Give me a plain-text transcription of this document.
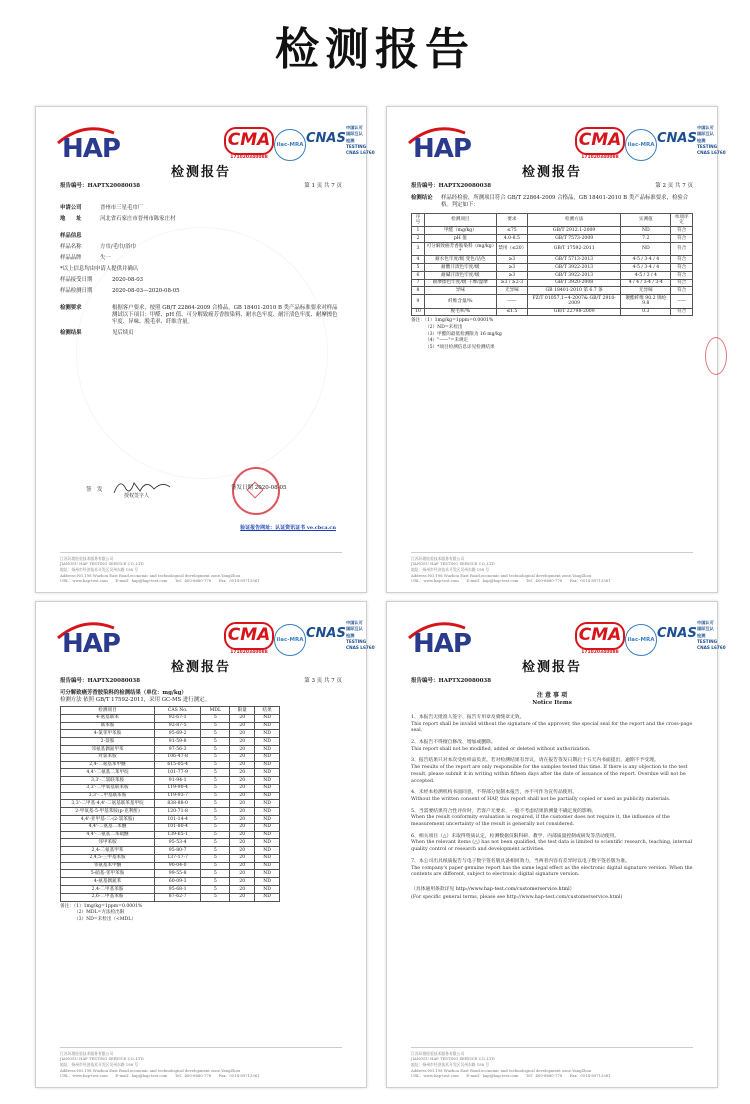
检测报告
HAP	CMA
171020340088
ilac-MRA CNAS
中国认可
国际互认
检测
TESTING
CNAS L6760
检测报告
报告编号：HAPTX20080038	第 1 页 共 7 页
申请公司	晋州市三星毛巾厂
地　　址	河北省石家庄市晋州市陈家庄村
样品信息
样品名称	方巾/毛巾/浴巾
样品品牌	失一
*以上信息均由申请人提供并确认
样品接受日期	2020-08-03
样品检测日期	2020-08-03—2020-08-05
检测要求	根据客户要求，按照 GB/T 22864-2009 合格品，GB 18401-2010 B 类产品标准要求对样品测试以下项目：甲醛、pH 值、可分解致癌芳香胺染料、耐水色牢度、耐汗渍色牢度、耐摩擦色牢度、异味、脱毛率、纤维含量。
检测结果	见后续页
签　发
授权签字人
签发日期 2020-08-05
验证报告网址：认证资讯证书 ve.cbca.cn
江苏环境检验技术服务有限公司
JIANGSU HAP TESTING SERVICE CO.,LTD
地址：扬州市经济技术开发区吴州东路 198 号
Address:NO.198 Wuzhou East Road,economic and technological development zone,YangZhou
URL：www.hap-test.com　　E-mail：hap@hap-test.com　　Tel：400-6680-778　　Fax：0514-89713361
HAP	CMA
171020340088
ilac-MRA CNAS
中国认可
国际互认
检测
TESTING
CNAS L6760
检测报告
报告编号：HAPTX20080038	第 2 页 共 7 页
检测结论	样品经检验，所测项目符合 GB/T 22864-2009 合格品，GB 18401-2010 B 类产品标准要求，检验合格。判定如下：
序号	检测项目	要求	检测方法	实测值	单项评定
1	甲醛（mg/kg）	≤75	GB/T 2912.1-2009	ND	符合
2	pH 值	4.0-8.5	GB/T 7573-2009	7.2	符合
3	可分解致癌芳香胺染料（mg/kg）*	禁用（≤20）	GB/T 17592-2011	ND	符合
4	耐水色牢度/级 变色/沾色	≥3	GB/T 5713-2013	4-5 / 3-4 / 4	符合
5	耐酸汗渍色牢度/级	≥3	GB/T 3922-2013	4-5 / 3-4 / 4	符合
6	耐碱汗渍色牢度/级	≥3	GB/T 3922-2013	4-5 / 3 / 4	符合
7	耐摩擦色牢度/级 干摩/湿摩	≥3 / ≥2-3	GB/T 3920-2008	4 / 4 / 3-4 / 3-4	符合
8	异味	无异味	GB 18401-2010 第 6.7 条	无异味	符合
9	纤维含量/%	——	FZ/T 01057.1~4-2007& GB/T 2910-2009	聚酯纤维 90.2 锦纶 9.8	——
10	脱毛率/%	≤1.5	GB/T 22798-2009	0.3	符合
备注：（1）1mg/kg=1ppm=0.0001%
（2）ND=未检出
（3）甲醛的最低检测限为 16 mg/kg
（4）"——"=未规定
（5）*项目检测信息详见检测结果
江苏环境检验技术服务有限公司
JIANGSU HAP TESTING SERVICE CO.,LTD
地址：扬州市经济技术开发区吴州东路 198 号
Address:NO.198 Wuzhou East Road,economic and technological development zone,YangZhou
URL：www.hap-test.com　　E-mail：hap@hap-test.com　　Tel：400-6680-778　　Fax：0514-89713361
HAP	CMA
171020340088
ilac-MRA CNAS
中国认可
国际互认
检测
TESTING
CNAS L6760
检测报告
报告编号：HAPTX20080038	第 3 页 共 7 页
可分解致癌芳香胺染料的检测结果（单位：mg/kg）
检测方法 依照 GB/T 17592-2011，采用 GC-MS 进行测定。
检测项目	CAS No.	MDL	限量	结果
4-氨基联苯	92-67-1	5	20	ND
联苯胺	92-87-5	5	20	ND
4-氯邻甲苯胺	95-69-2	5	20	ND
2-萘胺	91-59-8	5	20	ND
邻氨基偶氮甲苯	97-56-3	5	20	ND
对氯苯胺	106-47-8	5	20	ND
2,4-二氨基苯甲醚	615-05-4	5	20	ND
4,4'-二氨基二苯甲烷	101-77-9	5	20	ND
3,3'-二氯联苯胺	91-94-1	5	20	ND
3,3'-二甲氧基联苯胺	119-90-4	5	20	ND
3,3'-二甲基联苯胺	119-93-7	5	20	ND
3,3'-二甲基-4,4'-二氨基联苯基甲烷	838-88-0	5	20	ND
2-甲氧基-5-甲基苯胺(p-克利酊)	120-71-8	5	20	ND
4,4'-亚甲基-二-(2-氯苯胺)	101-14-4	5	20	ND
4,4'-二氨基二苯醚	101-80-4	5	20	ND
4,4'-二氨基二苯硫醚	139-65-1	5	20	ND
邻甲苯胺	95-53-4	5	20	ND
2,4-二氨基甲苯	95-80-7	5	20	ND
2,4,5-三甲基苯胺	137-17-7	5	20	ND
邻氨基苯甲醚	90-04-0	5	20	ND
5-硝基-邻甲苯胺	99-55-8	5	20	ND
4-氨基偶氮苯	60-09-3	5	20	ND
2,4-二甲基苯胺	95-68-1	5	20	ND
2,6-二甲基苯胺	87-62-7	5	20	ND
备注：（1）1mg/kg=1ppm=0.0001%
（2）MDL=方法检出限
（3）ND=未检出（<MDL）
江苏环境检验技术服务有限公司
JIANGSU HAP TESTING SERVICE CO.,LTD
地址：扬州市经济技术开发区吴州东路 198 号
Address:NO.198 Wuzhou East Road,economic and technological development zone,YangZhou
URL：www.hap-test.com　　E-mail：hap@hap-test.com　　Tel：400-6680-778　　Fax：0514-89713361
HAP	CMA
171020340088
ilac-MRA CNAS
中国认可
国际互认
检测
TESTING
CNAS L6760
检测报告
报告编号：HAPTX20080038
注 意 事 项
Notice Items
1、本报告无批准人签字、报告专用章及骑缝章无效。
This report shall be invalid without the signature of the approver, the special seal for the report and the cross-page seal.
2、本报告不得擅自修改、增加或删除。
This report shall not be modified, added or deleted without authorization.
3、报告结果只对本次受检样品负责。若对检测结果有异议，请在报告签发日期后十五天内书面提出，逾期不予受理。
The results of the report are only responsible for the samples tested this time. If there is any objection to the test result, please submit it in writing within fifteen days after the date of issuance of the report. Overdue will not be accepted.
4、未经本检测机构书面同意，不得部分复制本报告，亦不可作为宣传品使用。
Without the written consent of HAP, this report shall not be partially copied or used as publicity materials.
5、当需要结果符合性评价时，若客户无要求，一般不考虑结果的测量不确定度的影响。
When the result conformity evaluation is required, if the customer does not require it, the influence of the measurement uncertainty of the result is generally not considered.
6、相关项目（△）未取得资质认定，检测数据仅限科研、教学、内部质量控制或研发等活动使用。
When the relevant items (△) has not been qualified, the test data is limited to scientific research, teaching, internal quality control or research and development activities.
7、本公司出具纸质报告与电子数字签名版具备相同效力，当两者内容有差异时以电子数字签名版为准。
The company's paper genuine report has the same legal effect as the electronic digital signature version. When the contents are different, subject to electronic digital signature version.
（具体通用条款详见 http://www.hap-test.com/customerservice.html）
(For specific general terms, please see http://www.hap-test.com/customerservice.html)
江苏环境检验技术服务有限公司
JIANGSU HAP TESTING SERVICE CO.,LTD
地址：扬州市经济技术开发区吴州东路 198 号
Address:NO.198 Wuzhou East Road,economic and technological development zone,YangZhou
URL：www.hap-test.com　　E-mail：hap@hap-test.com　　Tel：400-6680-778　　Fax：0514-89713361
